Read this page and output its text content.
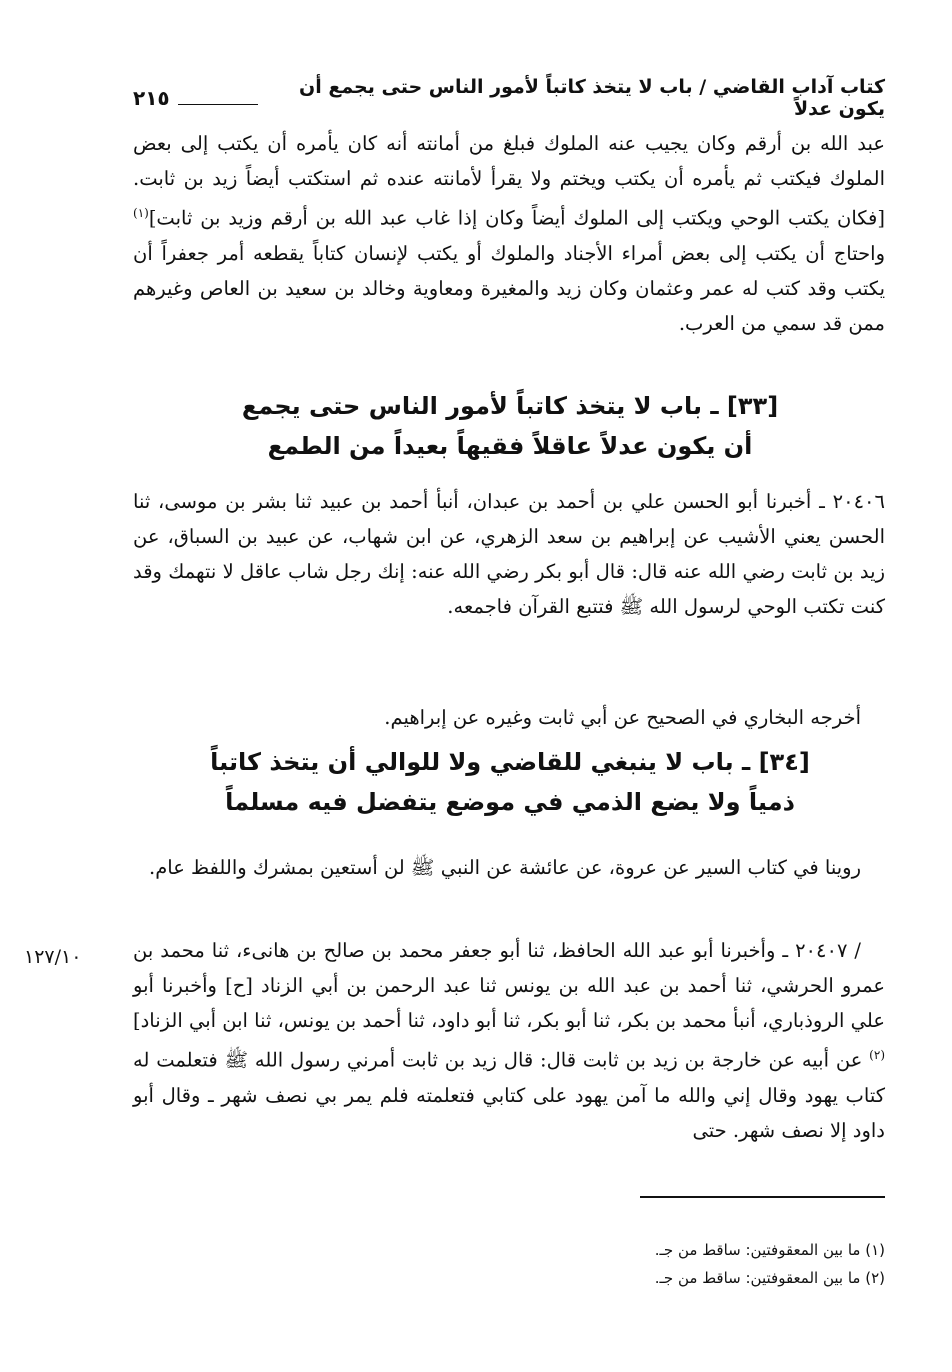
كتاب آداب القاضي / باب لا يتخذ كاتباً لأمور الناس حتى يجمع أن يكون عدلاً
٢١٥
عبد الله بن أرقم وكان يجيب عنه الملوك فبلغ من أمانته أنه كان يأمره أن يكتب إلى بعض الملوك فيكتب ثم يأمره أن يكتب ويختم ولا يقرأ لأمانته عنده ثم استكتب أيضاً زيد بن ثابت. [فكان يكتب الوحي ويكتب إلى الملوك أيضاً وكان إذا غاب عبد الله بن أرقم وزيد بن ثابت]$^{(١)}$ واحتاج أن يكتب إلى بعض أمراء الأجناد والملوك أو يكتب لإنسان كتاباً يقطعه أمر جعفراً أن يكتب وقد كتب له عمر وعثمان وكان زيد والمغيرة ومعاوية وخالد بن سعيد بن العاص وغيرهم ممن قد سمي من العرب.
[٣٣] ـ باب لا يتخذ كاتباً لأمور الناس حتى يجمع
أن يكون عدلاً عاقلاً فقيهاً بعيداً من الطمع
٢٠٤٠٦ ـ أخبرنا أبو الحسن علي بن أحمد بن عبدان، أنبأ أحمد بن عبيد ثنا بشر بن موسى، ثنا الحسن يعني الأشيب عن إبراهيم بن سعد الزهري، عن ابن شهاب، عن عبيد بن السباق، عن زيد بن ثابت رضي الله عنه قال: قال أبو بكر رضي الله عنه: إنك رجل شاب عاقل لا نتهمك وقد كنت تكتب الوحي لرسول الله ﷺ فتتبع القرآن فاجمعه.
أخرجه البخاري في الصحيح عن أبي ثابت وغيره عن إبراهيم.
[٣٤] ـ باب لا ينبغي للقاضي ولا للوالي أن يتخذ كاتباً
ذمياً ولا يضع الذمي في موضع يتفضل فيه مسلماً
روينا في كتاب السير عن عروة، عن عائشة عن النبي ﷺ لن أستعين بمشرك واللفظ عام.
/ ٢٠٤٠٧ ـ وأخبرنا أبو عبد الله الحافظ، ثنا أبو جعفر محمد بن صالح بن هانىء، ثنا محمد بن عمرو الحرشي، ثنا أحمد بن عبد الله بن يونس ثنا عبد الرحمن بن أبي الزناد [ح] وأخبرنا أبو علي الروذباري، أنبأ محمد بن بكر، ثنا أبو بكر، ثنا أبو داود، ثنا أحمد بن يونس، ثنا ابن أبي الزناد]$^{(٢)}$ عن أبيه عن خارجة بن زيد بن ثابت قال: قال زيد بن ثابت أمرني رسول الله ﷺ فتعلمت له كتاب يهود وقال إني والله ما آمن يهود على كتابي فتعلمته فلم يمر بي نصف شهر ـ وقال أبو داود إلا نصف شهر. حتى
١٢٧/١٠
(١) ما بين المعقوفتين: ساقط من جـ.
(٢) ما بين المعقوفتين: ساقط من جـ.
